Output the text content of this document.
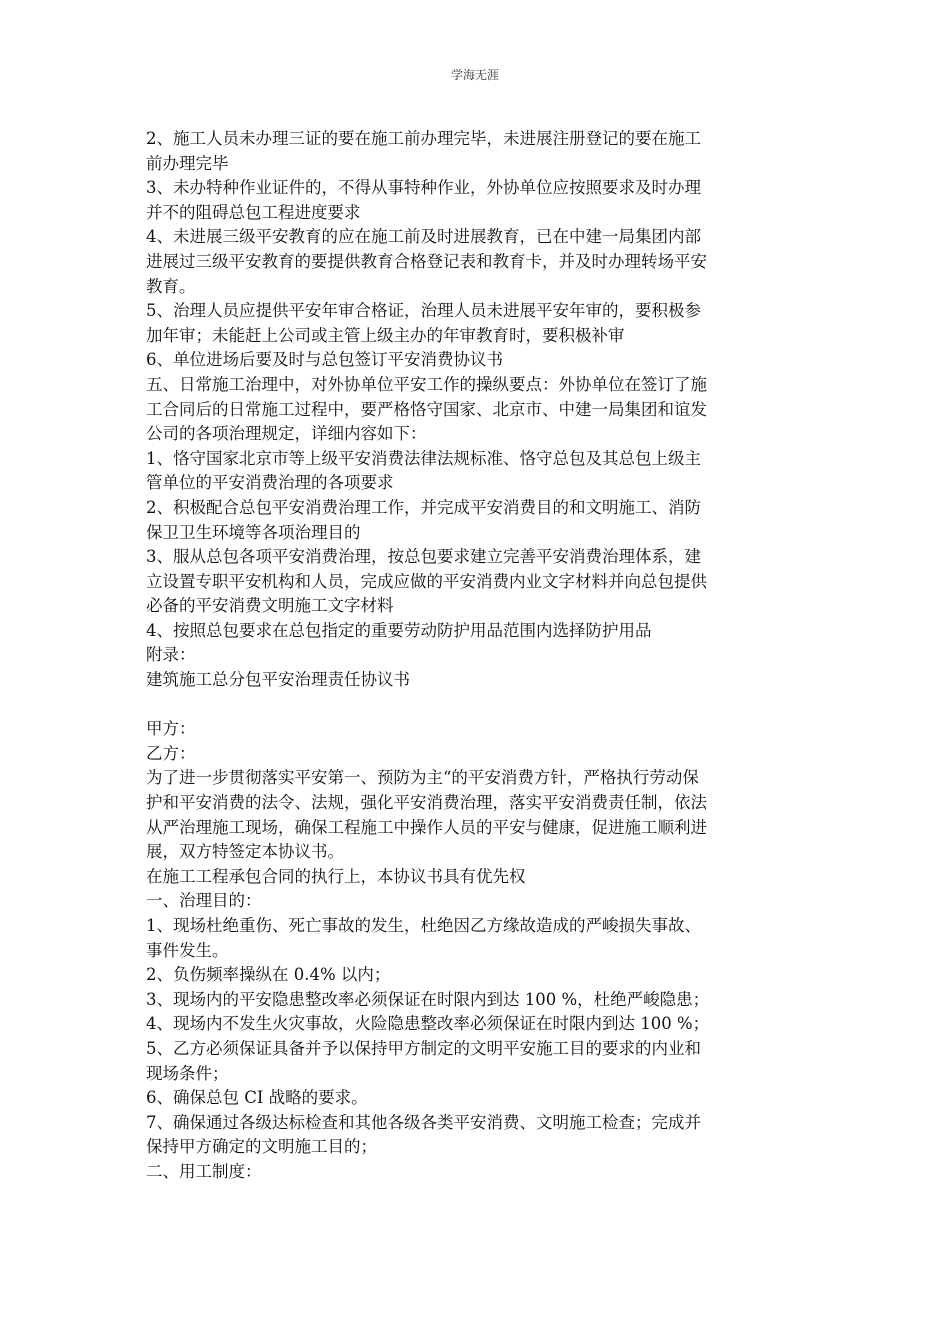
学海无涯
2、施工人员未办理三证的要在施工前办理完毕，未进展注册登记的要在施工
前办理完毕
3、未办特种作业证件的，不得从事特种作业，外协单位应按照要求及时办理
并不的阻碍总包工程进度要求
4、未进展三级平安教育的应在施工前及时进展教育，已在中建一局集团内部
进展过三级平安教育的要提供教育合格登记表和教育卡，并及时办理转场平安
教育。
5、治理人员应提供平安年审合格证，治理人员未进展平安年审的，要积极参
加年审；未能赶上公司或主管上级主办的年审教育时，要积极补审
6、单位进场后要及时与总包签订平安消费协议书
五、日常施工治理中，对外协单位平安工作的操纵要点：外协单位在签订了施
工合同后的日常施工过程中，要严格恪守国家、北京市、中建一局集团和谊发
公司的各项治理规定，详细内容如下：
1、恪守国家北京市等上级平安消费法律法规标准、恪守总包及其总包上级主
管单位的平安消费治理的各项要求
2、积极配合总包平安消费治理工作，并完成平安消费目的和文明施工、消防
保卫卫生环境等各项治理目的
3、服从总包各项平安消费治理，按总包要求建立完善平安消费治理体系，建
立设置专职平安机构和人员，完成应做的平安消费内业文字材料并向总包提供
必备的平安消费文明施工文字材料
4、按照总包要求在总包指定的重要劳动防护用品范围内选择防护用品
附录：
建筑施工总分包平安治理责任协议书
甲方：
乙方：
为了进一步贯彻落实平安第一、预防为主“的平安消费方针，严格执行劳动保
护和平安消费的法令、法规，强化平安消费治理，落实平安消费责任制，依法
从严治理施工现场，确保工程施工中操作人员的平安与健康，促进施工顺利进
展，双方特签定本协议书。
在施工工程承包合同的执行上，本协议书具有优先权
一、治理目的：
1、现场杜绝重伤、死亡事故的发生，杜绝因乙方缘故造成的严峻损失事故、
事件发生。
2、负伤频率操纵在 0.4% 以内；
3、现场内的平安隐患整改率必须保证在时限内到达 100 %，杜绝严峻隐患；
4、现场内不发生火灾事故，火险隐患整改率必须保证在时限内到达 100 %；
5、乙方必须保证具备并予以保持甲方制定的文明平安施工目的要求的内业和
现场条件；
6、确保总包 CI 战略的要求。
7、确保通过各级达标检查和其他各级各类平安消费、文明施工检查；完成并
保持甲方确定的文明施工目的；
二、用工制度：
